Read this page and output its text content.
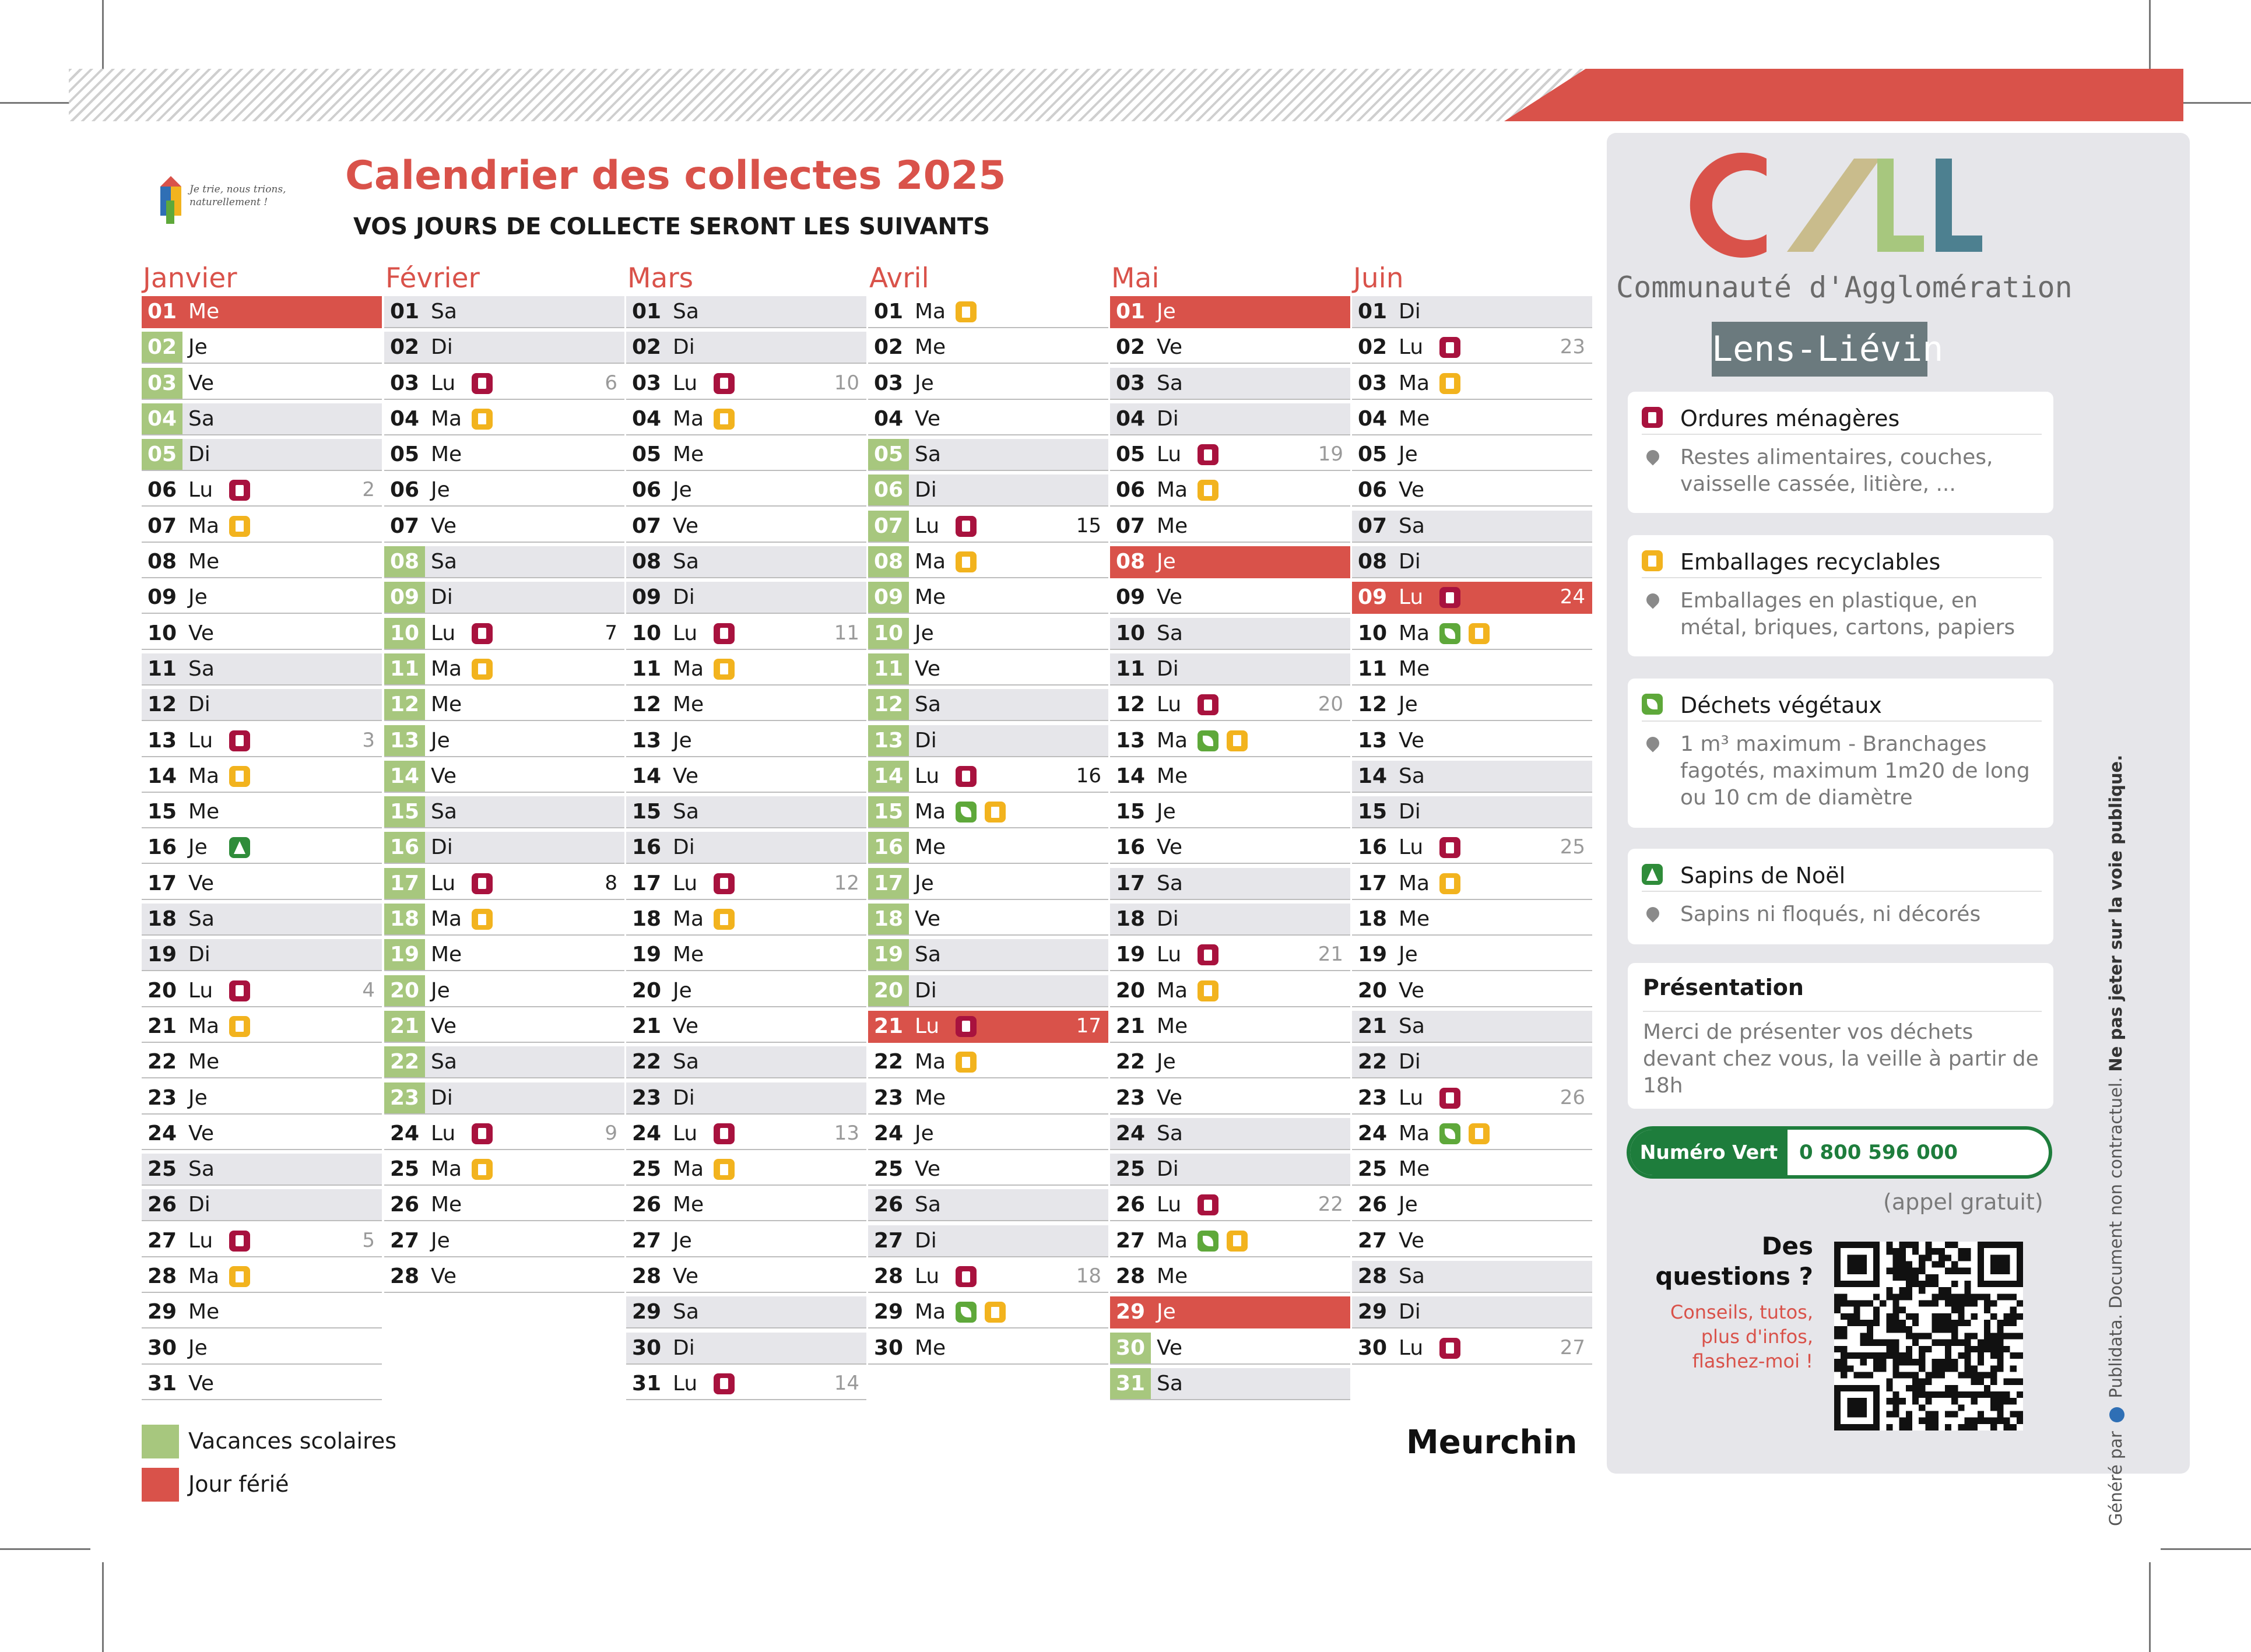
Je trie, nous trions,
naturellement !
Calendrier des collectes 2025
VOS JOURS DE COLLECTE SERONT LES SUIVANTS
Janvier
01 Me
02 Je
03 Ve
04 Sa
05 Di
06 Lu	2
07 Ma
08 Me
09 Je
10 Ve
11 Sa
12 Di
13 Lu	3
14 Ma
15 Me
16 Je
17 Ve
18 Sa
19 Di
20 Lu	4
21 Ma
22 Me
23 Je
24 Ve
25 Sa
26 Di
27 Lu	5
28 Ma
29 Me
30 Je
31 Ve
Février
01 Sa
02 Di
03 Lu	6
04 Ma
05 Me
06 Je
07 Ve
08 Sa
09 Di
10 Lu	7
11 Ma
12 Me
13 Je
14 Ve
15 Sa
16 Di
17 Lu	8
18 Ma
19 Me
20 Je
21 Ve
22 Sa
23 Di
24 Lu	9
25 Ma
26 Me
27 Je
28 Ve
Mars
01 Sa
02 Di
03 Lu	10
04 Ma
05 Me
06 Je
07 Ve
08 Sa
09 Di
10 Lu	11
11 Ma
12 Me
13 Je
14 Ve
15 Sa
16 Di
17 Lu	12
18 Ma
19 Me
20 Je
21 Ve
22 Sa
23 Di
24 Lu	13
25 Ma
26 Me
27 Je
28 Ve
29 Sa
30 Di
31 Lu	14
Avril
01 Ma
02 Me
03 Je
04 Ve
05 Sa
06 Di
07 Lu	15
08 Ma
09 Me
10 Je
11 Ve
12 Sa
13 Di
14 Lu	16
15 Ma
16 Me
17 Je
18 Ve
19 Sa
20 Di
21 Lu	17
22 Ma
23 Me
24 Je
25 Ve
26 Sa
27 Di
28 Lu	18
29 Ma
30 Me
Mai
01 Je
02 Ve
03 Sa
04 Di
05 Lu	19
06 Ma
07 Me
08 Je
09 Ve
10 Sa
11 Di
12 Lu	20
13 Ma
14 Me
15 Je
16 Ve
17 Sa
18 Di
19 Lu	21
20 Ma
21 Me
22 Je
23 Ve
24 Sa
25 Di
26 Lu	22
27 Ma
28 Me
29 Je
30 Ve
31 Sa
Juin
01 Di
02 Lu	23
03 Ma
04 Me
05 Je
06 Ve
07 Sa
08 Di
09 Lu	24
10 Ma
11 Me
12 Je
13 Ve
14 Sa
15 Di
16 Lu	25
17 Ma
18 Me
19 Je
20 Ve
21 Sa
22 Di
23 Lu	26
24 Ma
25 Me
26 Je
27 Ve
28 Sa
29 Di
30 Lu	27
Vacances scolaires
Jour férié
Meurchin
Communauté d'Agglomération
Lens-Liévin
Ordures ménagères
Restes alimentaires, couches, vaisselle cassée, litière, ...
Emballages recyclables
Emballages en plastique, en métal, briques, cartons, papiers
Déchets végétaux
1 m³ maximum - Branchages fagotés, maximum 1m20 de long ou 10 cm de diamètre
Sapins de Noël
Sapins ni floqués, ni décorés
Présentation
Merci de présenter vos déchets devant chez vous, la veille à partir de 18h
Numéro Vert	0 800 596 000
(appel gratuit)
Des questions ?
Conseils, tutos, plus d'infos, flashez-moi !
Généré par  Publidata. Document non contractuel. Ne pas jeter sur la voie publique.
